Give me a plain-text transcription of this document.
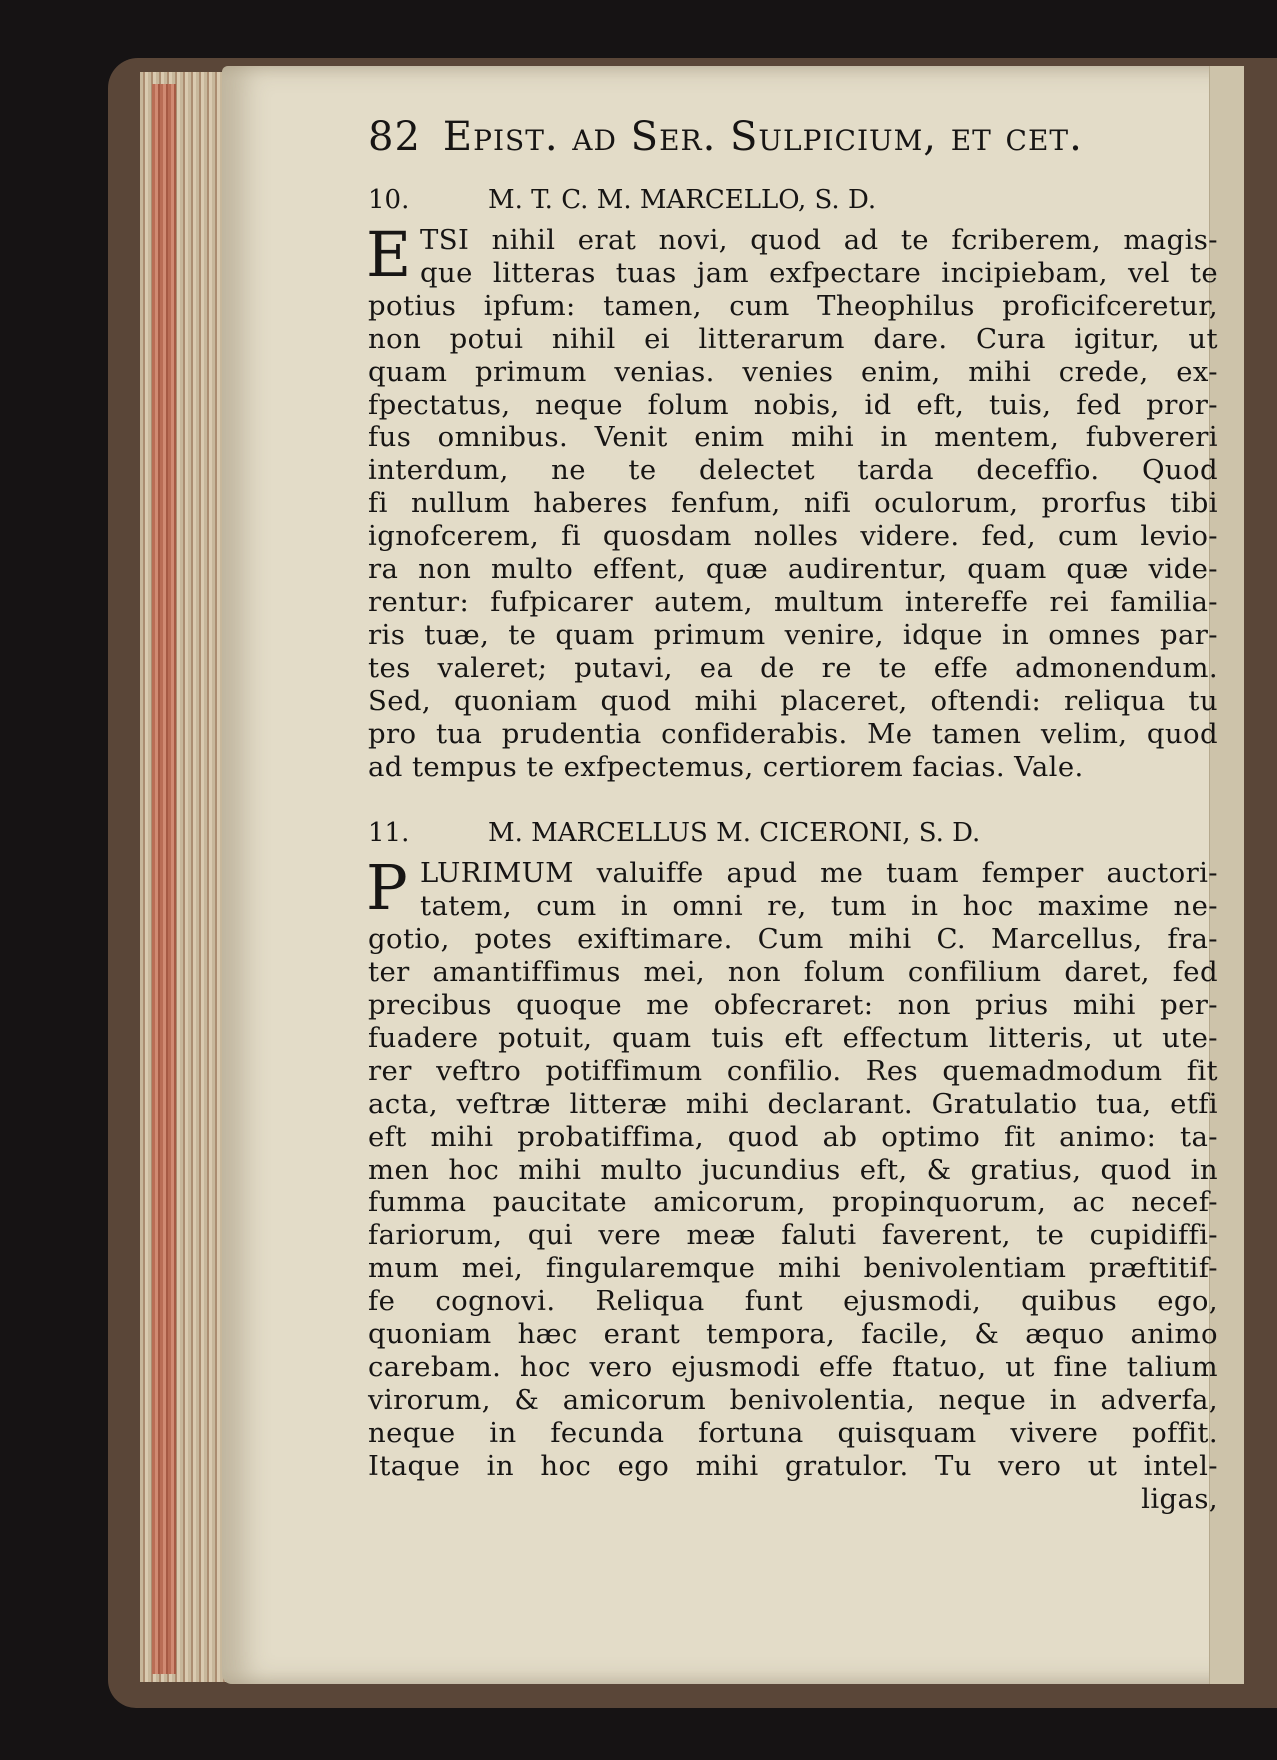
82 Epist. ad Ser. Sulpicium, et cet.
10.	M. T. C. M. MARCELLO, S. D.
E TSI nihil erat novi, quod ad te fcriberem, magis-
que litteras tuas jam exfpectare incipiebam, vel te
potius ipfum: tamen, cum Theophilus proficifceretur,
non potui nihil ei litterarum dare. Cura igitur, ut
quam primum venias. venies enim, mihi crede, ex-
fpectatus, neque folum nobis, id eft, tuis, fed pror-
fus omnibus. Venit enim mihi in mentem, fubvereri
interdum, ne te delectet tarda deceffio. Quod
fi nullum haberes fenfum, nifi oculorum, prorfus tibi
ignofcerem, fi quosdam nolles videre. fed, cum levio-
ra non multo effent, quæ audirentur, quam quæ vide-
rentur: fufpicarer autem, multum intereffe rei familia-
ris tuæ, te quam primum venire, idque in omnes par-
tes valeret; putavi, ea de re te effe admonendum.
Sed, quoniam quod mihi placeret, oftendi: reliqua tu
pro tua prudentia confiderabis. Me tamen velim, quod
ad tempus te exfpectemus, certiorem facias. Vale.
11.	M. MARCELLUS M. CICERONI, S. D.
P LURIMUM valuiffe apud me tuam femper auctori-
tatem, cum in omni re, tum in hoc maxime ne-
gotio, potes exiftimare. Cum mihi C. Marcellus, fra-
ter amantiffimus mei, non folum confilium daret, fed
precibus quoque me obfecraret: non prius mihi per-
fuadere potuit, quam tuis eft effectum litteris, ut ute-
rer veftro potiffimum confilio. Res quemadmodum fit
acta, veftræ litteræ mihi declarant. Gratulatio tua, etfi
eft mihi probatiffima, quod ab optimo fit animo: ta-
men hoc mihi multo jucundius eft, & gratius, quod in
fumma paucitate amicorum, propinquorum, ac necef-
fariorum, qui vere meæ faluti faverent, te cupidiffi-
mum mei, fingularemque mihi benivolentiam præftitif-
fe cognovi. Reliqua funt ejusmodi, quibus ego,
quoniam hæc erant tempora, facile, & æquo animo
carebam. hoc vero ejusmodi effe ftatuo, ut fine talium
virorum, & amicorum benivolentia, neque in adverfa,
neque in fecunda fortuna quisquam vivere poffit.
Itaque in hoc ego mihi gratulor. Tu vero ut intel-
ligas,
